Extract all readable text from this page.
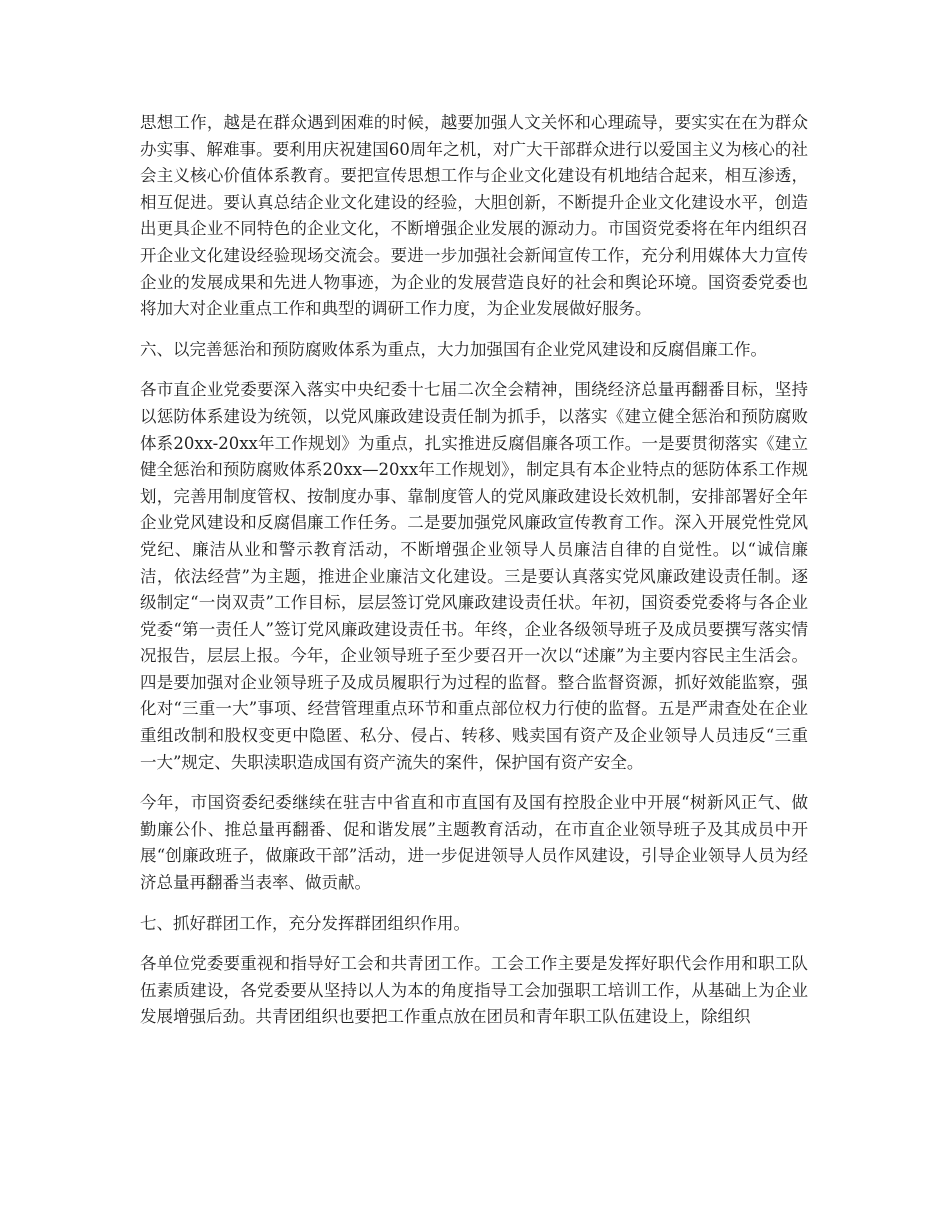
思想工作，越是在群众遇到困难的时候，越要加强人文关怀和心理疏导，要实实在在为群众办实事、解难事。要利用庆祝建国60周年之机，对广大干部群众进行以爱国主义为核心的社会主义核心价值体系教育。要把宣传思想工作与企业文化建设有机地结合起来，相互渗透，相互促进。要认真总结企业文化建设的经验，大胆创新，不断提升企业文化建设水平，创造出更具企业不同特色的企业文化，不断增强企业发展的源动力。市国资党委将在年内组织召开企业文化建设经验现场交流会。要进一步加强社会新闻宣传工作，充分利用媒体大力宣传企业的发展成果和先进人物事迹，为企业的发展营造良好的社会和舆论环境。国资委党委也将加大对企业重点工作和典型的调研工作力度，为企业发展做好服务。

六、以完善惩治和预防腐败体系为重点，大力加强国有企业党风建设和反腐倡廉工作。

各市直企业党委要深入落实中央纪委十七届二次全会精神，围绕经济总量再翻番目标，坚持以惩防体系建设为统领，以党风廉政建设责任制为抓手，以落实《建立健全惩治和预防腐败体系20xx-20xx年工作规划》为重点，扎实推进反腐倡廉各项工作。一是要贯彻落实《建立健全惩治和预防腐败体系20xx—20xx年工作规划》，制定具有本企业特点的惩防体系工作规划，完善用制度管权、按制度办事、靠制度管人的党风廉政建设长效机制，安排部署好全年企业党风建设和反腐倡廉工作任务。二是要加强党风廉政宣传教育工作。深入开展党性党风党纪、廉洁从业和警示教育活动，不断增强企业领导人员廉洁自律的自觉性。以“诚信廉洁，依法经营”为主题，推进企业廉洁文化建设。三是要认真落实党风廉政建设责任制。逐级制定“一岗双责”工作目标，层层签订党风廉政建设责任状。年初，国资委党委将与各企业党委“第一责任人”签订党风廉政建设责任书。年终，企业各级领导班子及成员要撰写落实情况报告，层层上报。今年，企业领导班子至少要召开一次以“述廉”为主要内容民主生活会。四是要加强对企业领导班子及成员履职行为过程的监督。整合监督资源，抓好效能监察，强化对“三重一大”事项、经营管理重点环节和重点部位权力行使的监督。五是严肃查处在企业重组改制和股权变更中隐匿、私分、侵占、转移、贱卖国有资产及企业领导人员违反“三重一大”规定、失职渎职造成国有资产流失的案件，保护国有资产安全。

今年，市国资委纪委继续在驻吉中省直和市直国有及国有控股企业中开展“树新风正气、做勤廉公仆、推总量再翻番、促和谐发展”主题教育活动，在市直企业领导班子及其成员中开展“创廉政班子，做廉政干部”活动，进一步促进领导人员作风建设，引导企业领导人员为经济总量再翻番当表率、做贡献。

七、抓好群团工作，充分发挥群团组织作用。

各单位党委要重视和指导好工会和共青团工作。工会工作主要是发挥好职代会作用和职工队伍素质建设，各党委要从坚持以人为本的角度指导工会加强职工培训工作，从基础上为企业发展增强后劲。共青团组织也要把工作重点放在团员和青年职工队伍建设上，除组织
